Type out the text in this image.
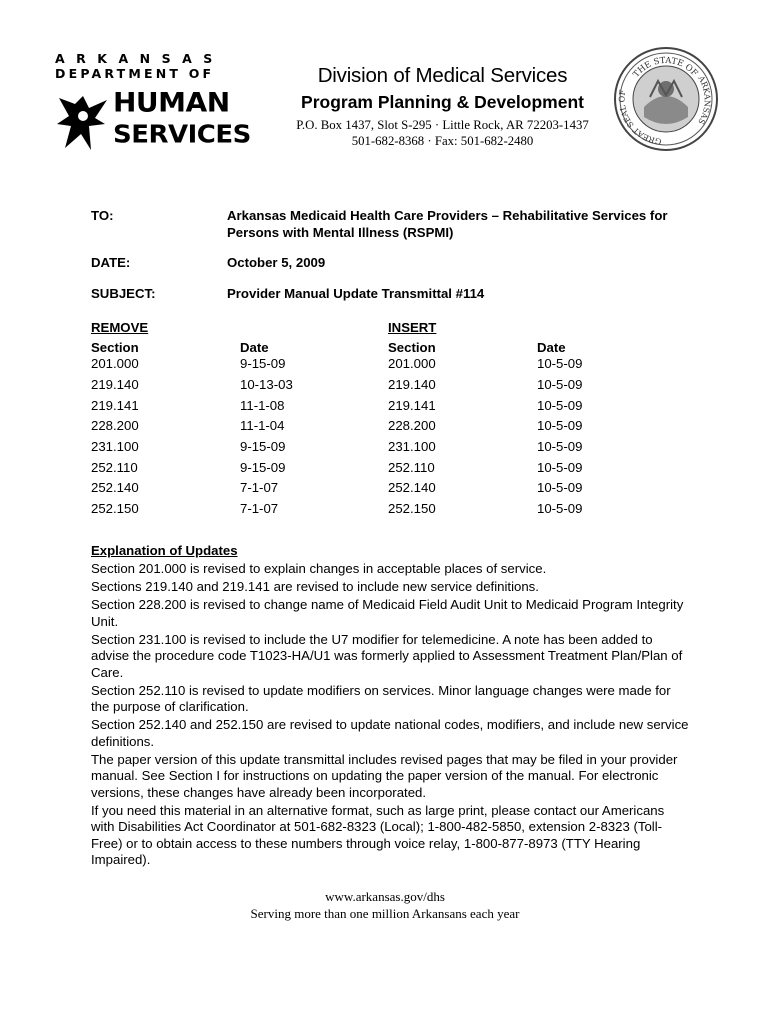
ARKANSAS
DEPARTMENT OF
HUMAN
SERVICES
Division of Medical Services
Program Planning & Development
P.O. Box 1437, Slot S-295 · Little Rock, AR 72203-1437
501-682-8368 · Fax: 501-682-2480
THE STATE OF
GREAT SEAL OF
ARKANSAS
TO:	Arkansas Medicaid Health Care Providers – Rehabilitative Services for Persons with Mental Illness (RSPMI)
DATE:	October 5, 2009
SUBJECT:	Provider Manual Update Transmittal #114
REMOVE	INSERT
Section	Date	Section	Date
201.000	9-15-09	201.000	10-5-09
219.140	10-13-03	219.140	10-5-09
219.141	11-1-08	219.141	10-5-09
228.200	11-1-04	228.200	10-5-09
231.100	9-15-09	231.100	10-5-09
252.110	9-15-09	252.110	10-5-09
252.140	7-1-07	252.140	10-5-09
252.150	7-1-07	252.150	10-5-09

Explanation of Updates

Section 201.000 is revised to explain changes in acceptable places of service.

Sections 219.140 and 219.141 are revised to include new service definitions.

Section 228.200 is revised to change name of Medicaid Field Audit Unit to Medicaid Program Integrity Unit.

Section 231.100 is revised to include the U7 modifier for telemedicine. A note has been added to advise the procedure code T1023-HA/U1 was formerly applied to Assessment Treatment Plan/Plan of Care.

Section 252.110 is revised to update modifiers on services. Minor language changes were made for the purpose of clarification.

Section 252.140 and 252.150 are revised to update national codes, modifiers, and include new service definitions.

The paper version of this update transmittal includes revised pages that may be filed in your provider manual. See Section I for instructions on updating the paper version of the manual. For electronic versions, these changes have already been incorporated.

If you need this material in an alternative format, such as large print, please contact our Americans with Disabilities Act Coordinator at 501-682-8323 (Local); 1-800-482-5850, extension 2-8323 (Toll-Free) or to obtain access to these numbers through voice relay, 1-800-877-8973 (TTY Hearing Impaired).

www.arkansas.gov/dhs
Serving more than one million Arkansans each year
